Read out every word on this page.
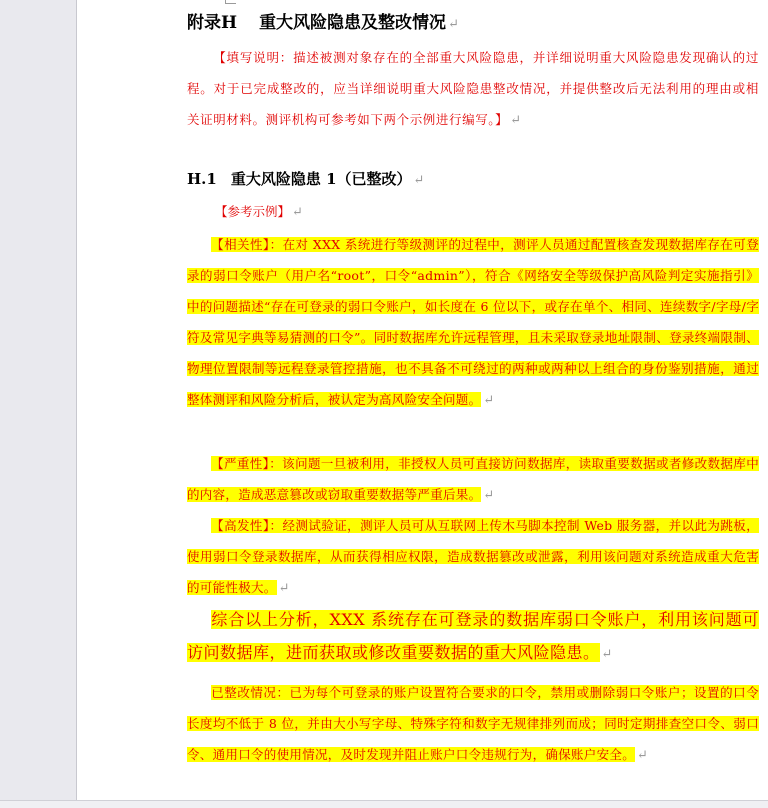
附录H 重大风险隐患及整改情况 ↵
【填写说明：描述被测对象存在的全部重大风险隐患，并详细说明重大风险隐患发现确认的过程。对于已完成整改的，应当详细说明重大风险隐患整改情况，并提供整改后无法利用的理由或相关证明材料。测评机构可参考如下两个示例进行编写。】 ↵
H.1 重大风险隐患 1（已整改） ↵
【参考示例】 ↵
【相关性】：在对 XXX 系统进行等级测评的过程中，测评人员通过配置核查发现数据库存在可登录的弱口令账户（用户名“root”，口令“admin”），符合《网络安全等级保护高风险判定实施指引》中的问题描述“存在可登录的弱口令账户，如长度在 6 位以下，或存在单个、相同、连续数字/字母/字符及常见字典等易猜测的口令”。同时数据库允许远程管理，且未采取登录地址限制、登录终端限制、物理位置限制等远程登录管控措施，也不具备不可绕过的两种或两种以上组合的身份鉴别措施，通过整体测评和风险分析后，被认定为高风险安全问题。 ↵
【严重性】：该问题一旦被利用，非授权人员可直接访问数据库，读取重要数据或者修改数据库中的内容，造成恶意篡改或窃取重要数据等严重后果。 ↵
【高发性】：经测试验证，测评人员可从互联网上传木马脚本控制 Web 服务器，并以此为跳板，使用弱口令登录数据库，从而获得相应权限，造成数据篡改或泄露，利用该问题对系统造成重大危害的可能性极大。 ↵
综合以上分析，XXX 系统存在可登录的数据库弱口令账户，利用该问题可访问数据库，进而获取或修改重要数据的重大风险隐患。 ↵
已整改情况：已为每个可登录的账户设置符合要求的口令，禁用或删除弱口令账户；设置的口令长度均不低于 8 位，并由大小写字母、特殊字符和数字无规律排列而成；同时定期排查空口令、弱口令、通用口令的使用情况，及时发现并阻止账户口令违规行为，确保账户安全。 ↵
